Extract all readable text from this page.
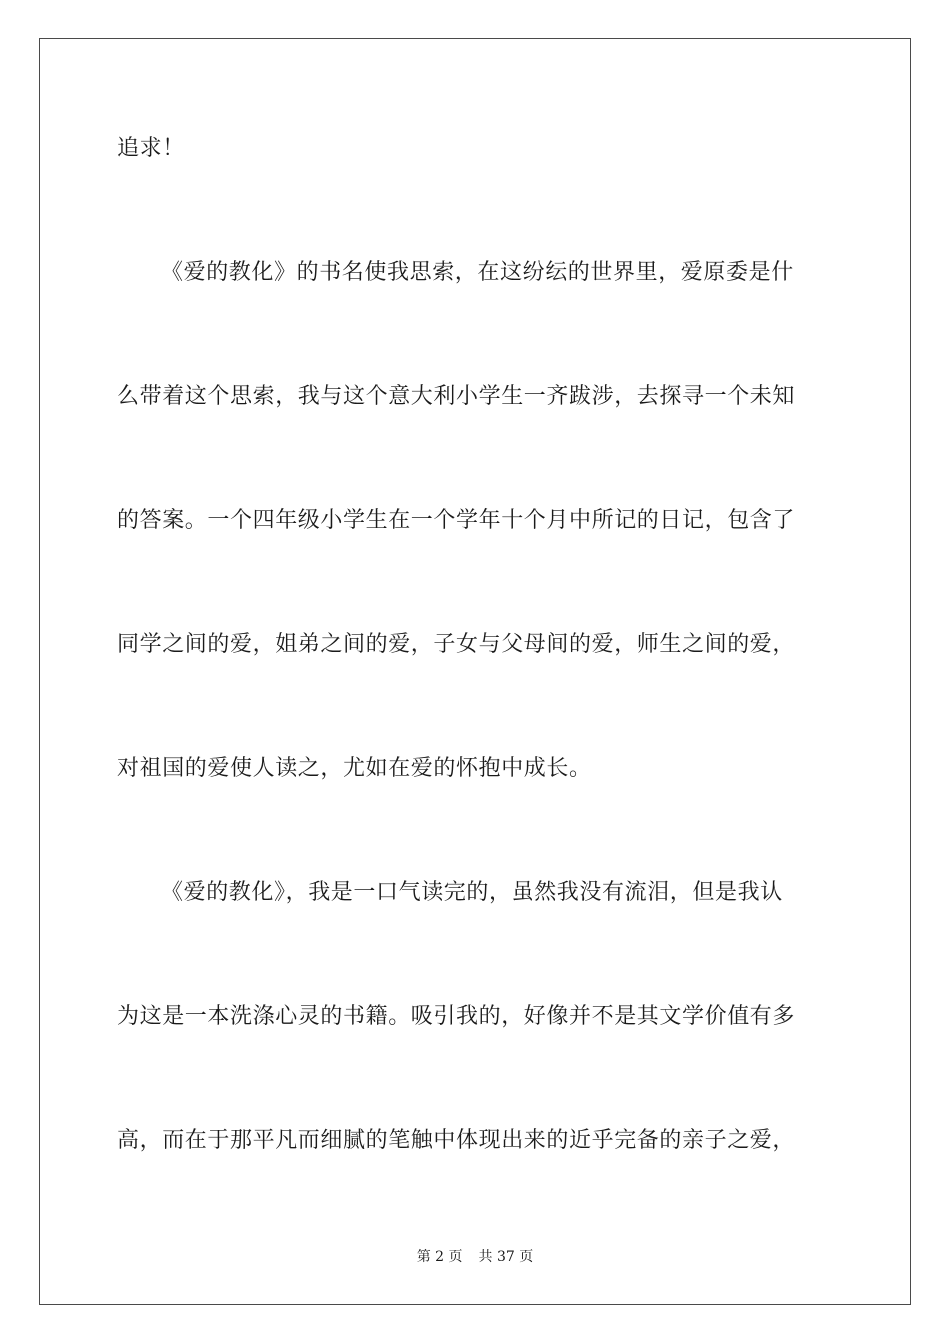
追求！
《爱的教化》的书名使我思索，在这纷纭的世界里，爱原委是什
么带着这个思索，我与这个意大利小学生一齐跋涉，去探寻一个未知
的答案。一个四年级小学生在一个学年十个月中所记的日记，包含了
同学之间的爱，姐弟之间的爱，子女与父母间的爱，师生之间的爱，
对祖国的爱使人读之，尤如在爱的怀抱中成长。
《爱的教化》，我是一口气读完的，虽然我没有流泪，但是我认
为这是一本洗涤心灵的书籍。吸引我的，好像并不是其文学价值有多
高，而在于那平凡而细腻的笔触中体现出来的近乎完备的亲子之爱，
第 2 页 共 37 页
